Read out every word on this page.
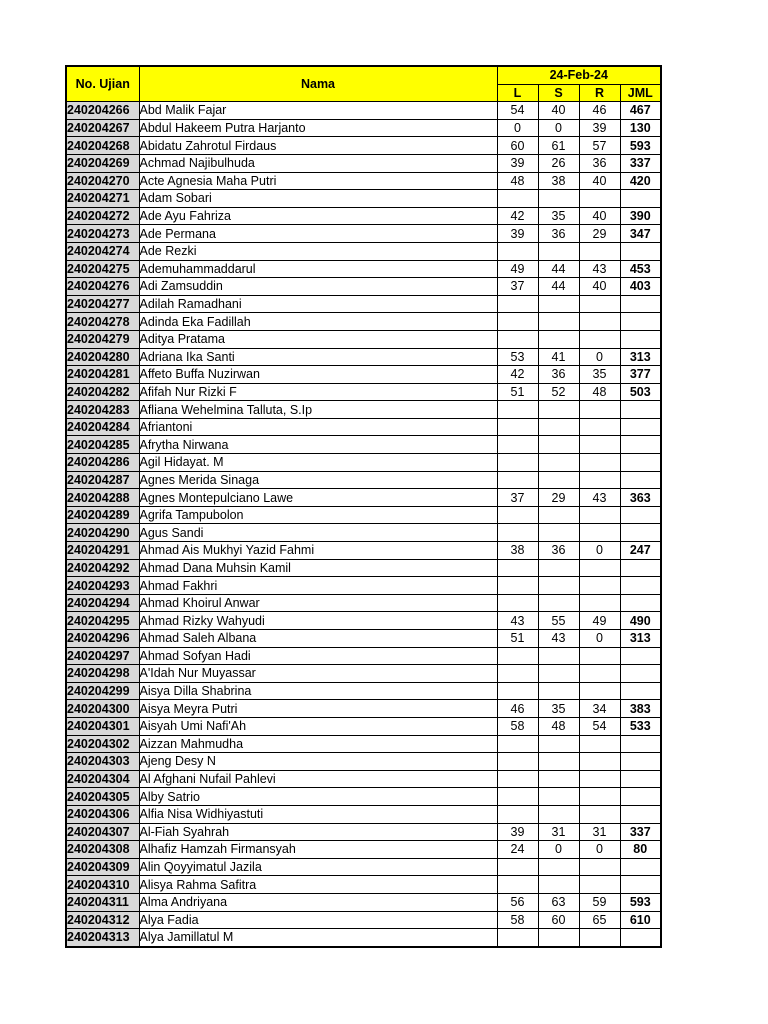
No. Ujian	Nama	24-Feb-24			
		L	S	R	JML
240204266	Abd Malik Fajar	54	40	46	467
240204267	Abdul Hakeem Putra Harjanto	0	0	39	130
240204268	Abidatu Zahrotul Firdaus	60	61	57	593
240204269	Achmad Najibulhuda	39	26	36	337
240204270	Acte Agnesia Maha Putri	48	38	40	420
240204271	Adam Sobari				
240204272	Ade Ayu Fahriza	42	35	40	390
240204273	Ade Permana	39	36	29	347
240204274	Ade Rezki				
240204275	Ademuhammaddarul	49	44	43	453
240204276	Adi Zamsuddin	37	44	40	403
240204277	Adilah Ramadhani				
240204278	Adinda Eka Fadillah				
240204279	Aditya Pratama				
240204280	Adriana Ika Santi	53	41	0	313
240204281	Affeto Buffa Nuzirwan	42	36	35	377
240204282	Afifah Nur Rizki F	51	52	48	503
240204283	Afliana Wehelmina Talluta, S.Ip				
240204284	Afriantoni				
240204285	Afrytha Nirwana				
240204286	Agil Hidayat. M				
240204287	Agnes Merida Sinaga				
240204288	Agnes Montepulciano Lawe	37	29	43	363
240204289	Agrifa Tampubolon				
240204290	Agus Sandi				
240204291	Ahmad Ais Mukhyi Yazid Fahmi	38	36	0	247
240204292	Ahmad Dana Muhsin Kamil				
240204293	Ahmad Fakhri				
240204294	Ahmad Khoirul Anwar				
240204295	Ahmad Rizky Wahyudi	43	55	49	490
240204296	Ahmad Saleh Albana	51	43	0	313
240204297	Ahmad Sofyan Hadi				
240204298	A'Idah Nur Muyassar				
240204299	Aisya Dilla Shabrina				
240204300	Aisya Meyra Putri	46	35	34	383
240204301	Aisyah Umi Nafi'Ah	58	48	54	533
240204302	Aizzan Mahmudha				
240204303	Ajeng Desy N				
240204304	Al Afghani Nufail Pahlevi				
240204305	Alby Satrio				
240204306	Alfia Nisa Widhiyastuti				
240204307	Al-Fiah Syahrah	39	31	31	337
240204308	Alhafiz Hamzah Firmansyah	24	0	0	80
240204309	Alin Qoyyimatul Jazila				
240204310	Alisya Rahma Safitra				
240204311	Alma Andriyana	56	63	59	593
240204312	Alya Fadia	58	60	65	610
240204313	Alya Jamillatul M				
